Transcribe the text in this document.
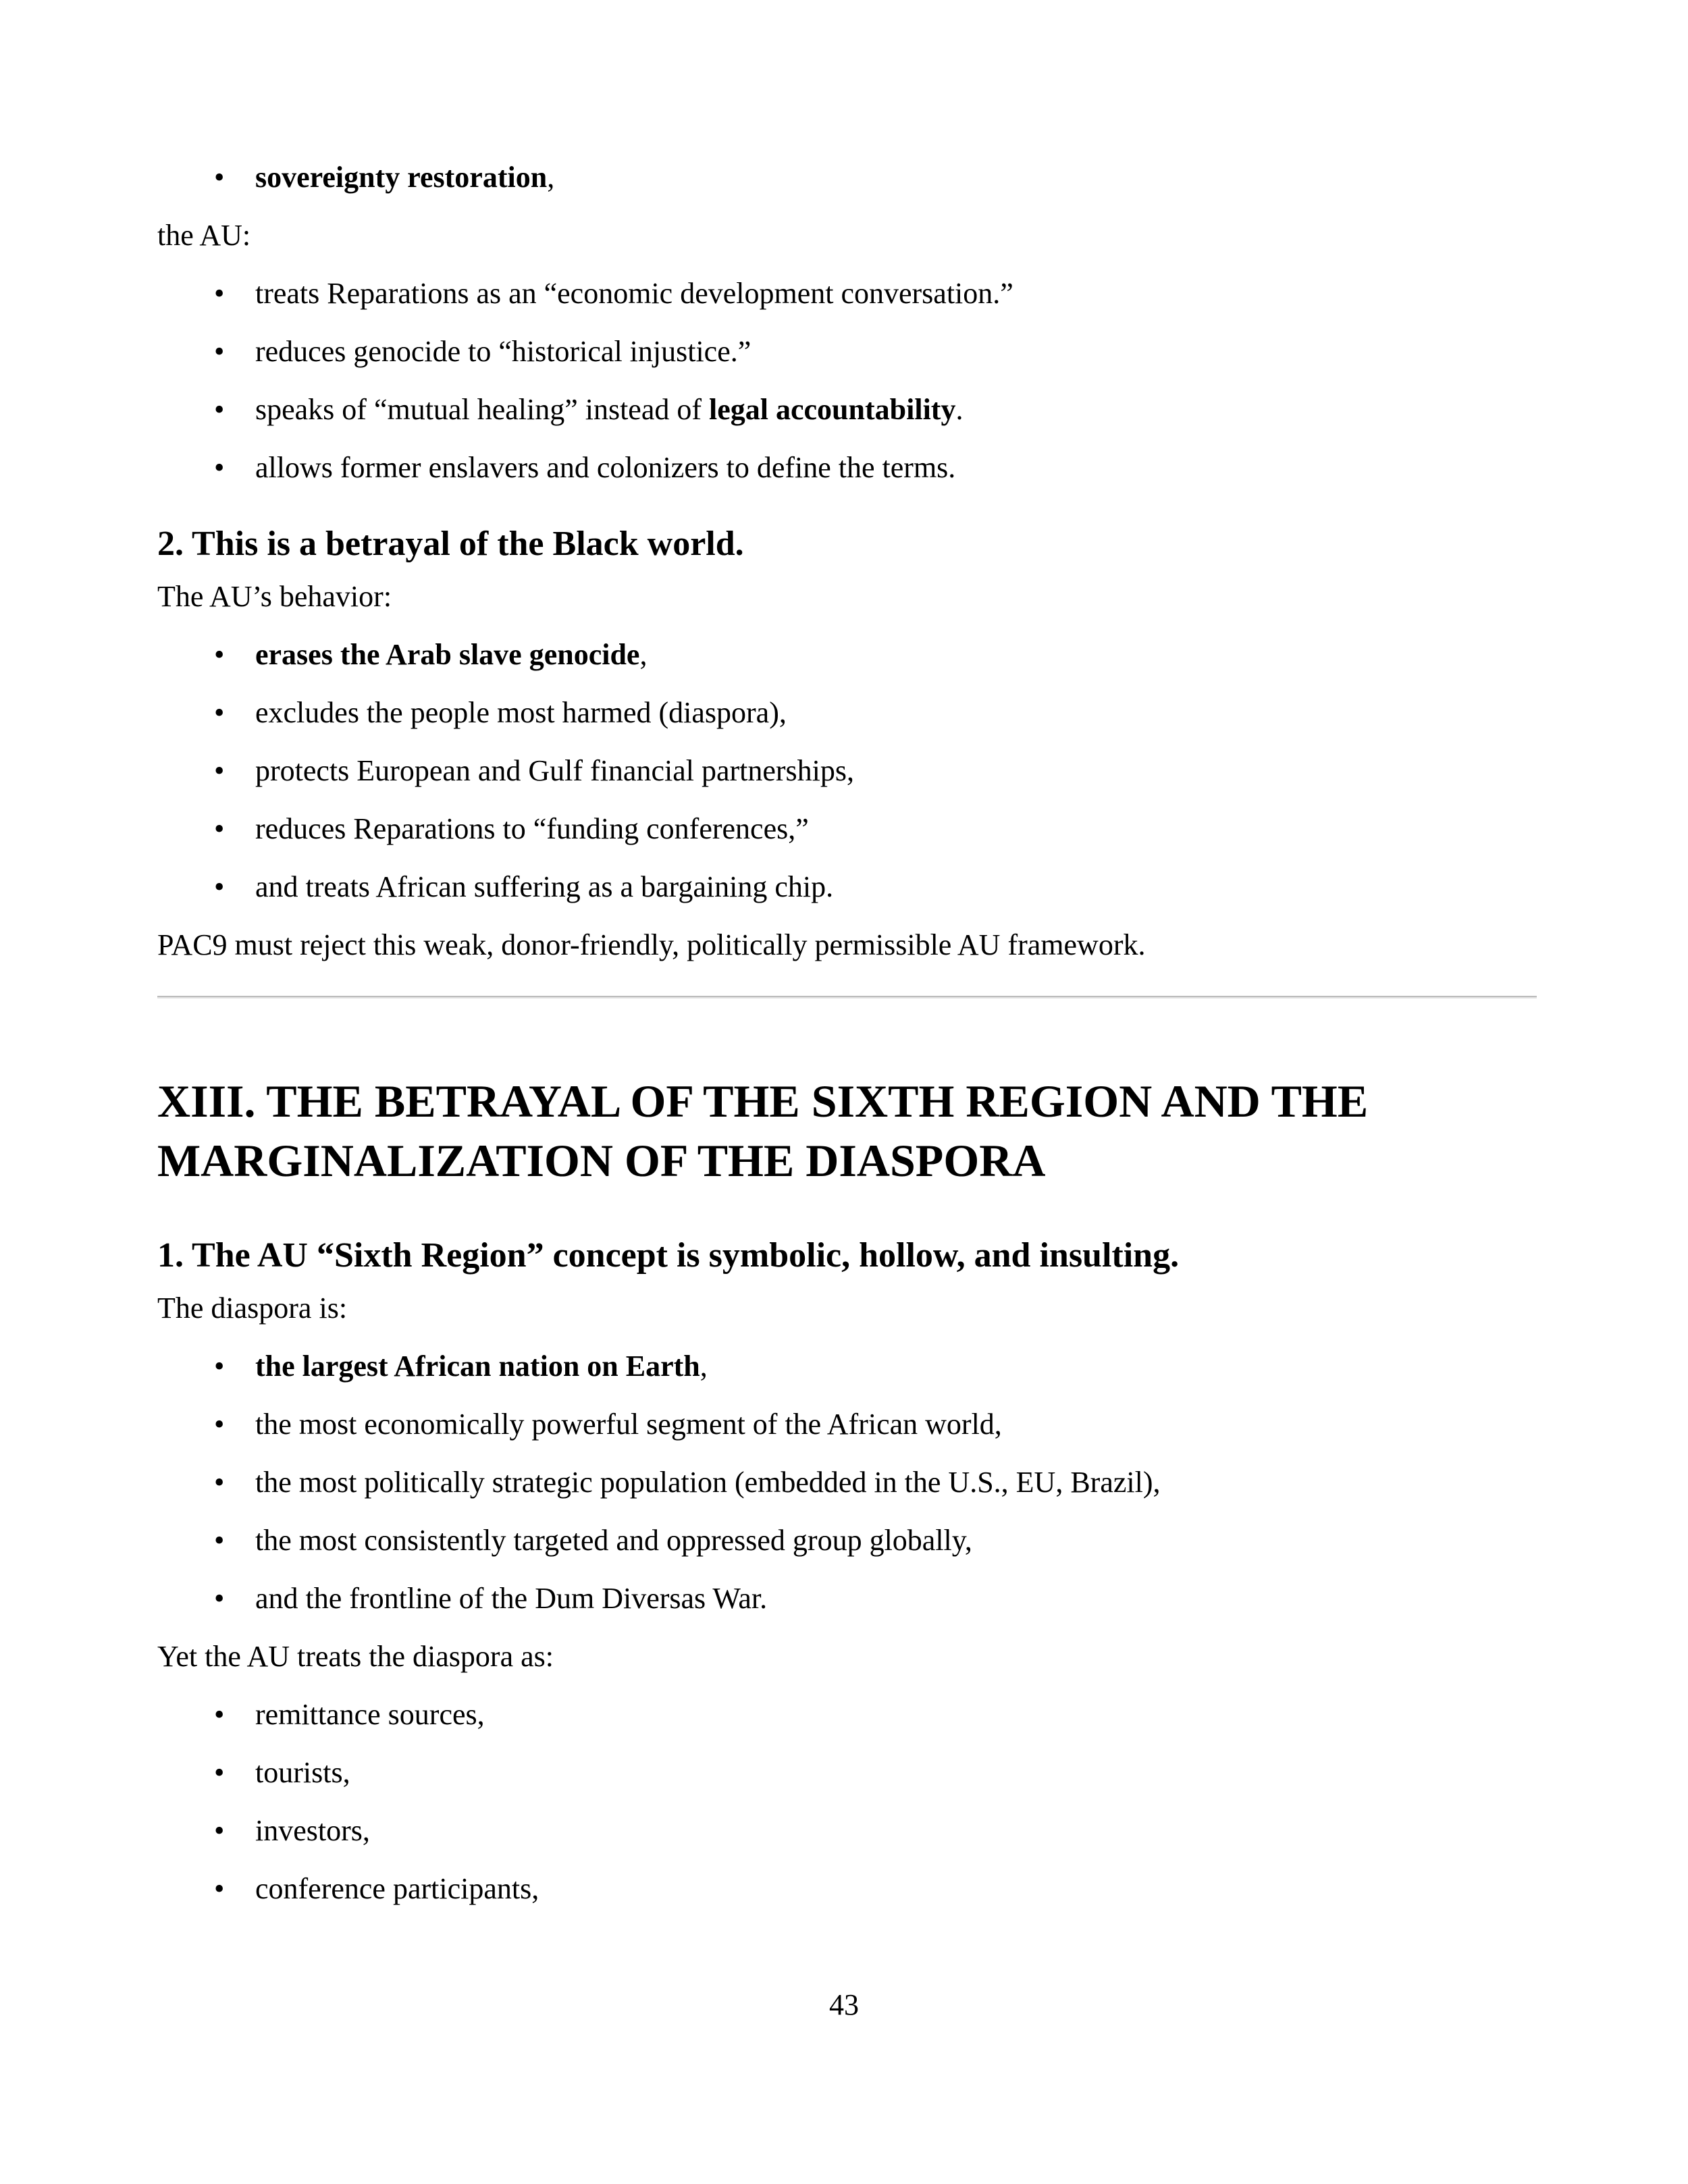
• sovereignty restoration,

the AU:

• treats Reparations as an “economic development conversation.”
• reduces genocide to “historical injustice.”
• speaks of “mutual healing” instead of legal accountability.
• allows former enslavers and colonizers to define the terms.
2. This is a betrayal of the Black world.

The AU’s behavior:

• erases the Arab slave genocide,
• excludes the people most harmed (diaspora),
• protects European and Gulf financial partnerships,
• reduces Reparations to “funding conferences,”
• and treats African suffering as a bargaining chip.

PAC9 must reject this weak, donor-friendly, politically permissible AU framework.

XIII. THE BETRAYAL OF THE SIXTH REGION AND THE MARGINALIZATION OF THE DIASPORA
1. The AU “Sixth Region” concept is symbolic, hollow, and insulting.

The diaspora is:

• the largest African nation on Earth,
• the most economically powerful segment of the African world,
• the most politically strategic population (embedded in the U.S., EU, Brazil),
• the most consistently targeted and oppressed group globally,
• and the frontline of the Dum Diversas War.

Yet the AU treats the diaspora as:

• remittance sources,
• tourists,
• investors,
• conference participants,
43
